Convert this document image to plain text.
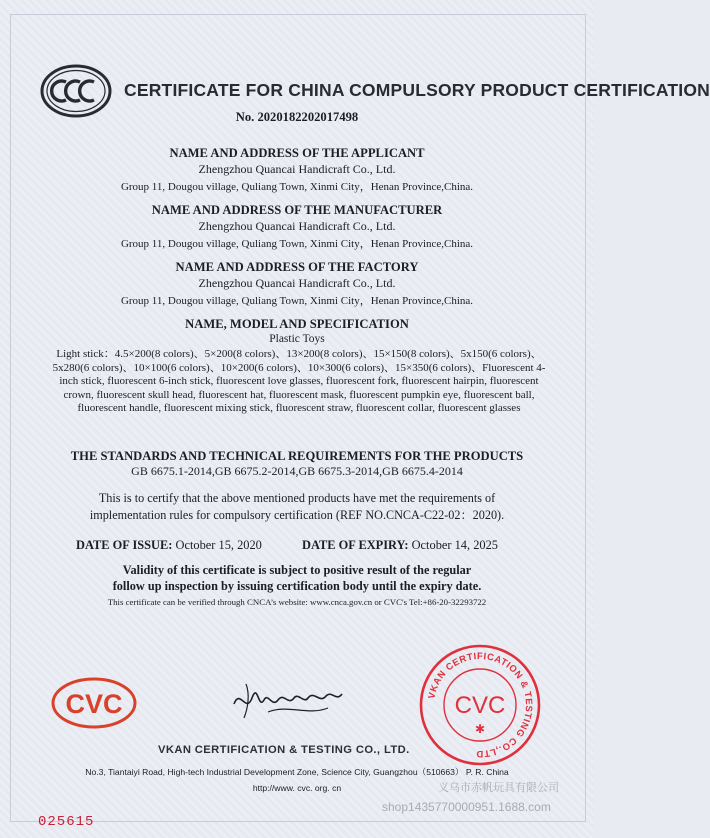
CERTIFICATE FOR CHINA COMPULSORY PRODUCT CERTIFICATION
No. 2020182202017498
NAME AND ADDRESS OF THE APPLICANT
Zhengzhou Quancai Handicraft Co., Ltd.
Group 11, Dougou village, Quliang Town, Xinmi City，Henan Province,China.
NAME AND ADDRESS OF THE MANUFACTURER
Zhengzhou Quancai Handicraft Co., Ltd.
Group 11, Dougou village, Quliang Town, Xinmi City，Henan Province,China.
NAME AND ADDRESS OF THE FACTORY
Zhengzhou Quancai Handicraft Co., Ltd.
Group 11, Dougou village, Quliang Town, Xinmi City，Henan Province,China.
NAME, MODEL AND SPECIFICATION
Plastic Toys
Light stick：4.5×200(8 colors)、5×200(8 colors)、13×200(8 colors)、15×150(8 colors)、5x150(6 colors)、5x280(6 colors)、10×100(6 colors)、10×200(6 colors)、10×300(6 colors)、15×350(6 colors)、Fluorescent 4-inch stick, fluorescent 6-inch stick, fluorescent love glasses, fluorescent fork, fluorescent hairpin, fluorescent crown, fluorescent skull head, fluorescent hat, fluorescent mask, fluorescent pumpkin eye, fluorescent ball, fluorescent handle, fluorescent mixing stick, fluorescent straw, fluorescent collar, fluorescent glasses
THE STANDARDS AND TECHNICAL REQUIREMENTS FOR THE PRODUCTS
GB 6675.1-2014,GB 6675.2-2014,GB 6675.3-2014,GB 6675.4-2014
This is to certify that the above mentioned products have met the requirements of
implementation rules for compulsory certification (REF NO.CNCA-C22-02：2020).
DATE OF ISSUE: October 15, 2020	DATE OF EXPIRY: October 14, 2025
Validity of this certificate is subject to positive result of the regular
follow up inspection by issuing certification body until the expiry date.
This certificate can be verified through CNCA’s website: www.cnca.gov.cn or CVC's Tel:+86-20-32293722
CVC	VKAN CERTIFICATION & TESTING CO.,LTD
CVC
✱
VKAN CERTIFICATION & TESTING CO., LTD.
No.3, Tiantaiyi Road, High-tech Industrial Development Zone, Science City, Guangzhou（510663） P. R. China
http://www. cvc. org. cn
025615
义乌市赤帆玩具有限公司
shop1435770000951.1688.com
